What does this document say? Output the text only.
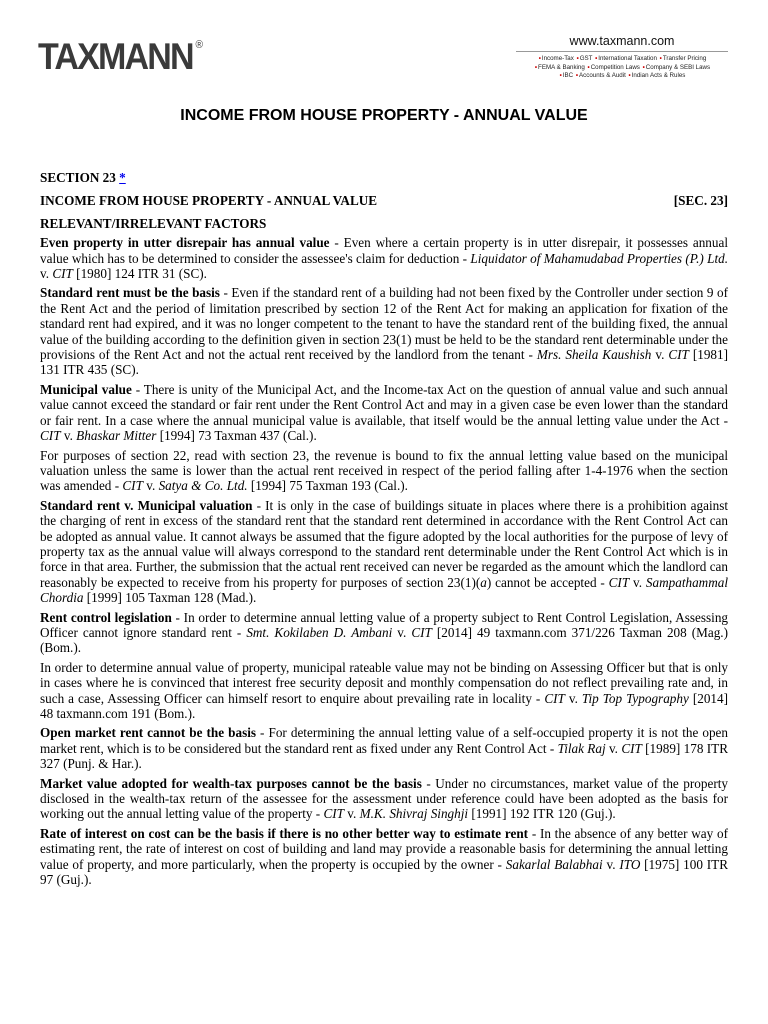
TAXMANN ®	www.taxmann.com
•Income-Tax •GST •International Taxation •Transfer Pricing
•FEMA & Banking •Competition Laws •Company & SEBI Laws
•IBC •Accounts & Audit •Indian Acts & Rules
INCOME FROM HOUSE PROPERTY - ANNUAL VALUE
SECTION 23 *
INCOME FROM HOUSE PROPERTY - ANNUAL VALUE	[SEC. 23]
RELEVANT/IRRELEVANT FACTORS

Even property in utter disrepair has annual value - Even where a certain property is in utter disrepair, it possesses annual value which has to be determined to consider the assessee's claim for deduction - Liquidator of Mahamudabad Properties (P.) Ltd. v. CIT [1980] 124 ITR 31 (SC).

Standard rent must be the basis - Even if the standard rent of a building had not been fixed by the Controller under section 9 of the Rent Act and the period of limitation prescribed by section 12 of the Rent Act for making an application for fixation of the standard rent had expired, and it was no longer competent to the tenant to have the standard rent of the building fixed, the annual value of the building according to the definition given in section 23(1) must be held to be the standard rent determinable under the provisions of the Rent Act and not the actual rent received by the landlord from the tenant - Mrs. Sheila Kaushish v. CIT [1981] 131 ITR 435 (SC).

Municipal value - There is unity of the Municipal Act, and the Income-tax Act on the question of annual value and such annual value cannot exceed the standard or fair rent under the Rent Control Act and may in a given case be even lower than the standard or fair rent. In a case where the annual municipal value is available, that itself would be the annual letting value under the Act - CIT v. Bhaskar Mitter [1994] 73 Taxman 437 (Cal.).

For purposes of section 22, read with section 23, the revenue is bound to fix the annual letting value based on the municipal valuation unless the same is lower than the actual rent received in respect of the period falling after 1-4-1976 when the section was amended - CIT v. Satya & Co. Ltd. [1994] 75 Taxman 193 (Cal.).

Standard rent v. Municipal valuation - It is only in the case of buildings situate in places where there is a prohibition against the charging of rent in excess of the standard rent that the standard rent determined in accordance with the Rent Control Act can be adopted as annual value. It cannot always be assumed that the figure adopted by the local authorities for the purpose of levy of property tax as the annual value will always correspond to the standard rent determinable under the Rent Control Act which is in force in that area. Further, the submission that the actual rent received can never be regarded as the amount which the landlord can reasonably be expected to receive from his property for purposes of section 23(1)(a) cannot be accepted - CIT v. Sampathammal Chordia [1999] 105 Taxman 128 (Mad.).

Rent control legislation - In order to determine annual letting value of a property subject to Rent Control Legislation, Assessing Officer cannot ignore standard rent - Smt. Kokilaben D. Ambani v. CIT [2014] 49 taxmann.com 371/226 Taxman 208 (Mag.)(Bom.).

In order to determine annual value of property, municipal rateable value may not be binding on Assessing Officer but that is only in cases where he is convinced that interest free security deposit and monthly compensation do not reflect prevailing rate and, in such a case, Assessing Officer can himself resort to enquire about prevailing rate in locality - CIT v. Tip Top Typography [2014] 48 taxmann.com 191 (Bom.).

Open market rent cannot be the basis - For determining the annual letting value of a self-occupied property it is not the open market rent, which is to be considered but the standard rent as fixed under any Rent Control Act - Tilak Raj v. CIT [1989] 178 ITR 327 (Punj. & Har.).

Market value adopted for wealth-tax purposes cannot be the basis - Under no circumstances, market value of the property disclosed in the wealth-tax return of the assessee for the assessment under reference could have been adopted as the basis for working out the annual letting value of the property - CIT v. M.K. Shivraj Singhji [1991] 192 ITR 120 (Guj.).

Rate of interest on cost can be the basis if there is no other better way to estimate rent - In the absence of any better way of estimating rent, the rate of interest on cost of building and land may provide a reasonable basis for determining the annual letting value of property, and more particularly, when the property is occupied by the owner - Sakarlal Balabhai v. ITO [1975] 100 ITR 97 (Guj.).
